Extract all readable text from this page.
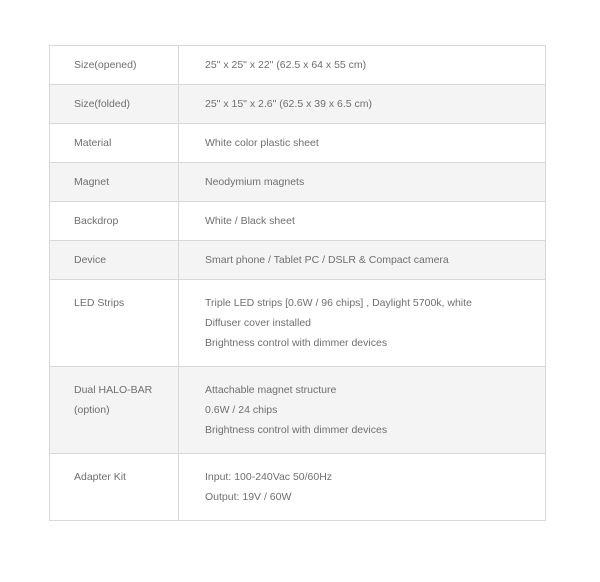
Size(opened)	25" x 25" x 22" (62.5 x 64 x 55 cm)

Size(folded)	25" x 15" x 2.6" (62.5 x 39 x 6.5 cm)

Material	White color plastic sheet

Magnet	Neodymium magnets

Backdrop	White / Black sheet

Device	Smart phone / Tablet PC / DSLR & Compact camera

LED Strips	Triple LED strips [0.6W / 96 chips] , Daylight 5700k, white
Diffuser cover installed
Brightness control with dimmer devices

Dual HALO-BAR
(option)	Attachable magnet structure
0.6W / 24 chips
Brightness control with dimmer devices

Adapter Kit	Input: 100-240Vac 50/60Hz
Output: 19V / 60W
